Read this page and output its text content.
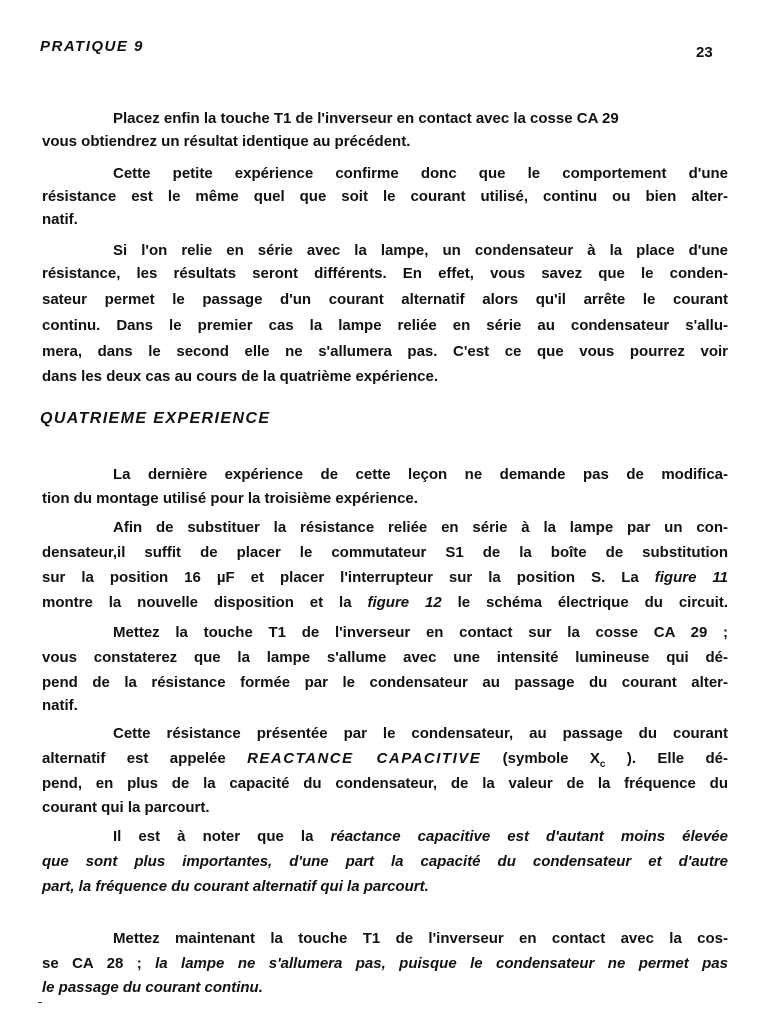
PRATIQUE 9	23
Placez enfin la touche T1 de l'inverseur en contact avec la cosse CA 29
vous obtiendrez un résultat identique au précédent.
Cette petite expérience confirme donc que le comportement d'une
résistance est le même quel que soit le courant utilisé, continu ou bien alter-
natif.
Si l'on relie en série avec la lampe, un condensateur à la place d'une
résistance, les résultats seront différents. En effet, vous savez que le conden-
sateur permet le passage d'un courant alternatif alors qu'il arrête le courant
continu. Dans le premier cas la lampe reliée en série au condensateur s'allu-
mera, dans le second elle ne s'allumera pas. C'est ce que vous pourrez voir
dans les deux cas au cours de la quatrième expérience.
QUATRIEME EXPERIENCE
La dernière expérience de cette leçon ne demande pas de modifica-
tion du montage utilisé pour la troisième expérience.
Afin de substituer la résistance reliée en série à la lampe par un con-
densateur,il suffit de placer le commutateur S1 de la boîte de substitution
sur la position 16 µF et placer l'interrupteur sur la position S. La figure 11
montre la nouvelle disposition et la figure 12 le schéma électrique du circuit.
Mettez la touche T1 de l'inverseur en contact sur la cosse CA 29 ;
vous constaterez que la lampe s'allume avec une intensité lumineuse qui dé-
pend de la résistance formée par le condensateur au passage du courant alter-
natif.
Cette résistance présentée par le condensateur, au passage du courant
alternatif est appelée REACTANCE CAPACITIVE (symbole $X_c$ ). Elle dé-
pend, en plus de la capacité du condensateur, de la valeur de la fréquence du
courant qui la parcourt.
Il est à noter que la réactance capacitive est d'autant moins élevée
que sont plus importantes, d'une part la capacité du condensateur et d'autre
part, la fréquence du courant alternatif qui la parcourt.
Mettez maintenant la touche T1 de l'inverseur en contact avec la cos-
se CA 28 ; la lampe ne s'allumera pas, puisque le condensateur ne permet pas
le passage du courant continu.
